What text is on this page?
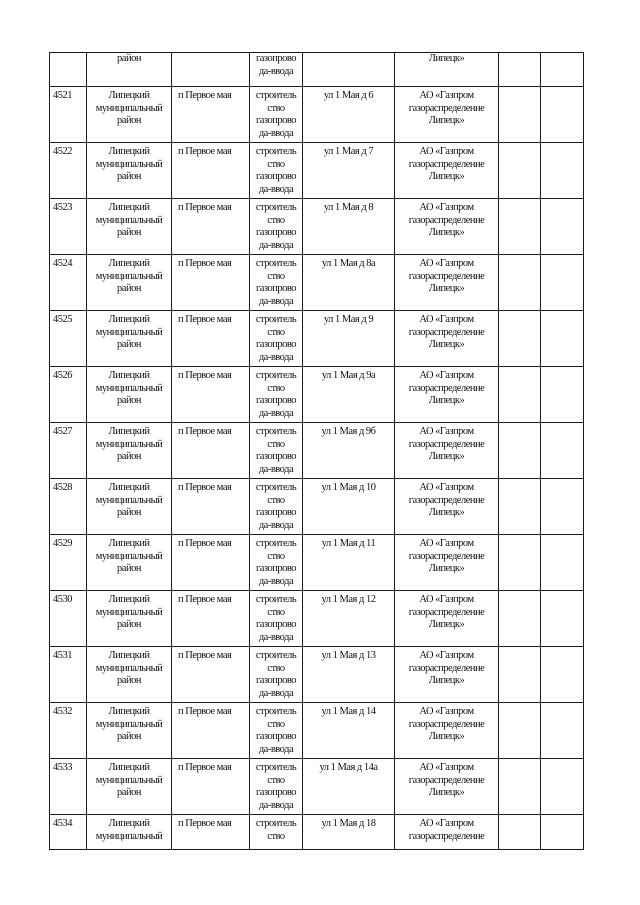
	район		газопрово
да-ввода		Липецк»		

4521	Липецкий
муниципальный
район	п Первое мая	строитель
ство
газопрово
да-ввода	ул 1 Мая д 6	АО «Газпром
газораспределение
Липецк»		

4522	Липецкий
муниципальный
район	п Первое мая	строитель
ство
газопрово
да-ввода	ул 1 Мая д 7	АО «Газпром
газораспределение
Липецк»		

4523	Липецкий
муниципальный
район	п Первое мая	строитель
ство
газопрово
да-ввода	ул 1 Мая д 8	АО «Газпром
газораспределение
Липецк»		

4524	Липецкий
муниципальный
район	п Первое мая	строитель
ство
газопрово
да-ввода	ул 1 Мая д 8а	АО «Газпром
газораспределение
Липецк»		

4525	Липецкий
муниципальный
район	п Первое мая	строитель
ство
газопрово
да-ввода	ул 1 Мая д 9	АО «Газпром
газораспределение
Липецк»		

4526	Липецкий
муниципальный
район	п Первое мая	строитель
ство
газопрово
да-ввода	ул 1 Мая д 9а	АО «Газпром
газораспределение
Липецк»		

4527	Липецкий
муниципальный
район	п Первое мая	строитель
ство
газопрово
да-ввода	ул 1 Мая д 9б	АО «Газпром
газораспределение
Липецк»		

4528	Липецкий
муниципальный
район	п Первое мая	строитель
ство
газопрово
да-ввода	ул 1 Мая д 10	АО «Газпром
газораспределение
Липецк»		

4529	Липецкий
муниципальный
район	п Первое мая	строитель
ство
газопрово
да-ввода	ул 1 Мая д 11	АО «Газпром
газораспределение
Липецк»		

4530	Липецкий
муниципальный
район	п Первое мая	строитель
ство
газопрово
да-ввода	ул 1 Мая д 12	АО «Газпром
газораспределение
Липецк»		

4531	Липецкий
муниципальный
район	п Первое мая	строитель
ство
газопрово
да-ввода	ул 1 Мая д 13	АО «Газпром
газораспределение
Липецк»		

4532	Липецкий
муниципальный
район	п Первое мая	строитель
ство
газопрово
да-ввода	ул 1 Мая д 14	АО «Газпром
газораспределение
Липецк»		

4533	Липецкий
муниципальный
район	п Первое мая	строитель
ство
газопрово
да-ввода	ул 1 Мая д 14а	АО «Газпром
газораспределение
Липецк»		

4534	Липецкий
муниципальный	п Первое мая	строитель
ство	ул 1 Мая д 18	АО «Газпром
газораспределение		
